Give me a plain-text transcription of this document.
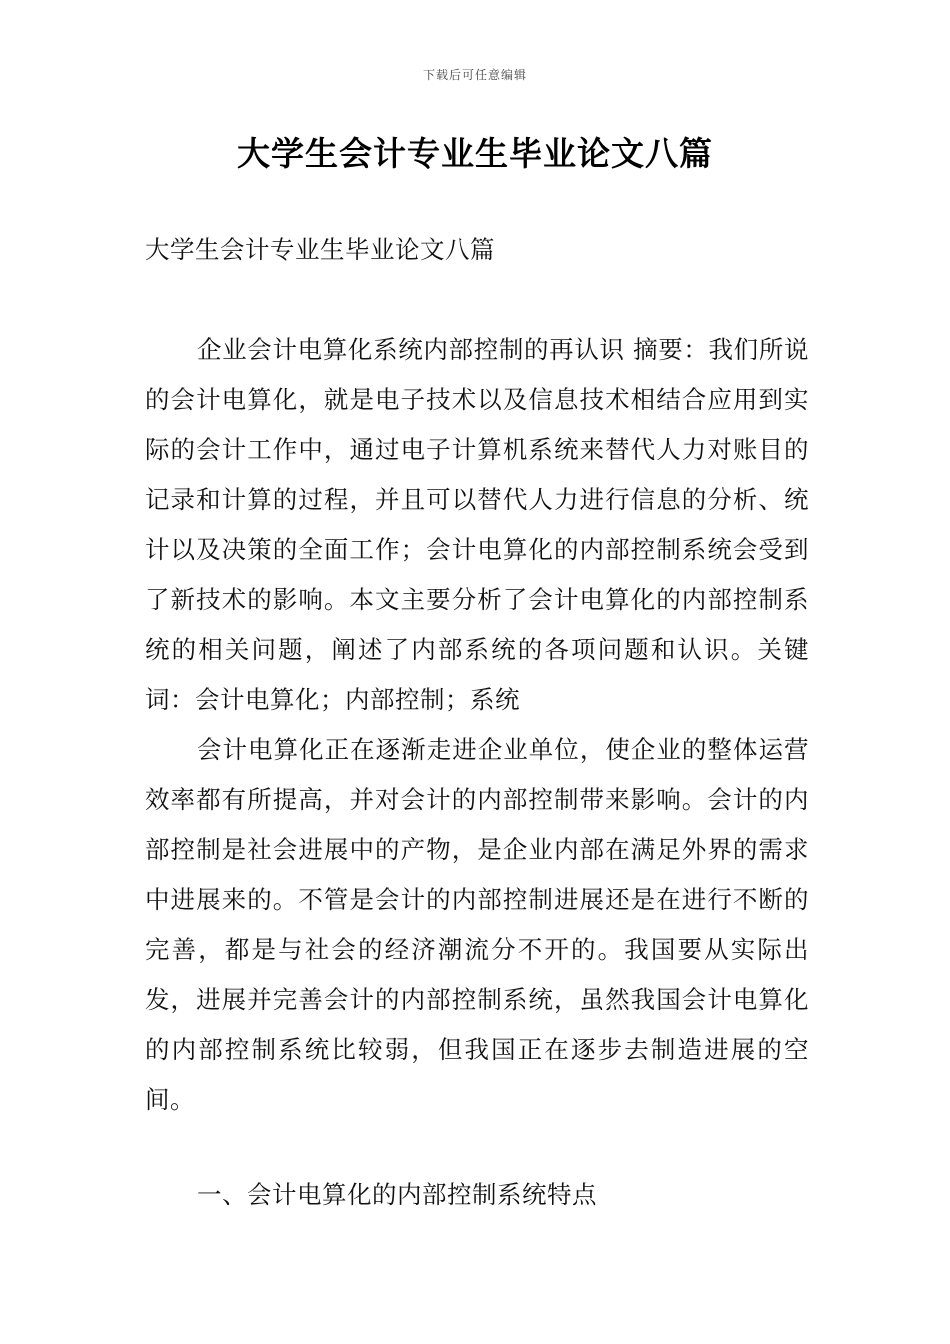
下载后可任意编辑
大学生会计专业生毕业论文八篇

大学生会计专业生毕业论文八篇

企业会计电算化系统内部控制的再认识 摘要：我们所说的会计电算化，就是电子技术以及信息技术相结合应用到实际的会计工作中，通过电子计算机系统来替代人力对账目的记录和计算的过程，并且可以替代人力进行信息的分析、统计以及决策的全面工作；会计电算化的内部控制系统会受到了新技术的影响。本文主要分析了会计电算化的内部控制系统的相关问题，阐述了内部系统的各项问题和认识。关键词：会计电算化；内部控制；系统

会计电算化正在逐渐走进企业单位，使企业的整体运营效率都有所提高，并对会计的内部控制带来影响。会计的内部控制是社会进展中的产物，是企业内部在满足外界的需求中进展来的。不管是会计的内部控制进展还是在进行不断的完善，都是与社会的经济潮流分不开的。我国要从实际出发，进展并完善会计的内部控制系统，虽然我国会计电算化的内部控制系统比较弱，但我国正在逐步去制造进展的空间。

一、会计电算化的内部控制系统特点
